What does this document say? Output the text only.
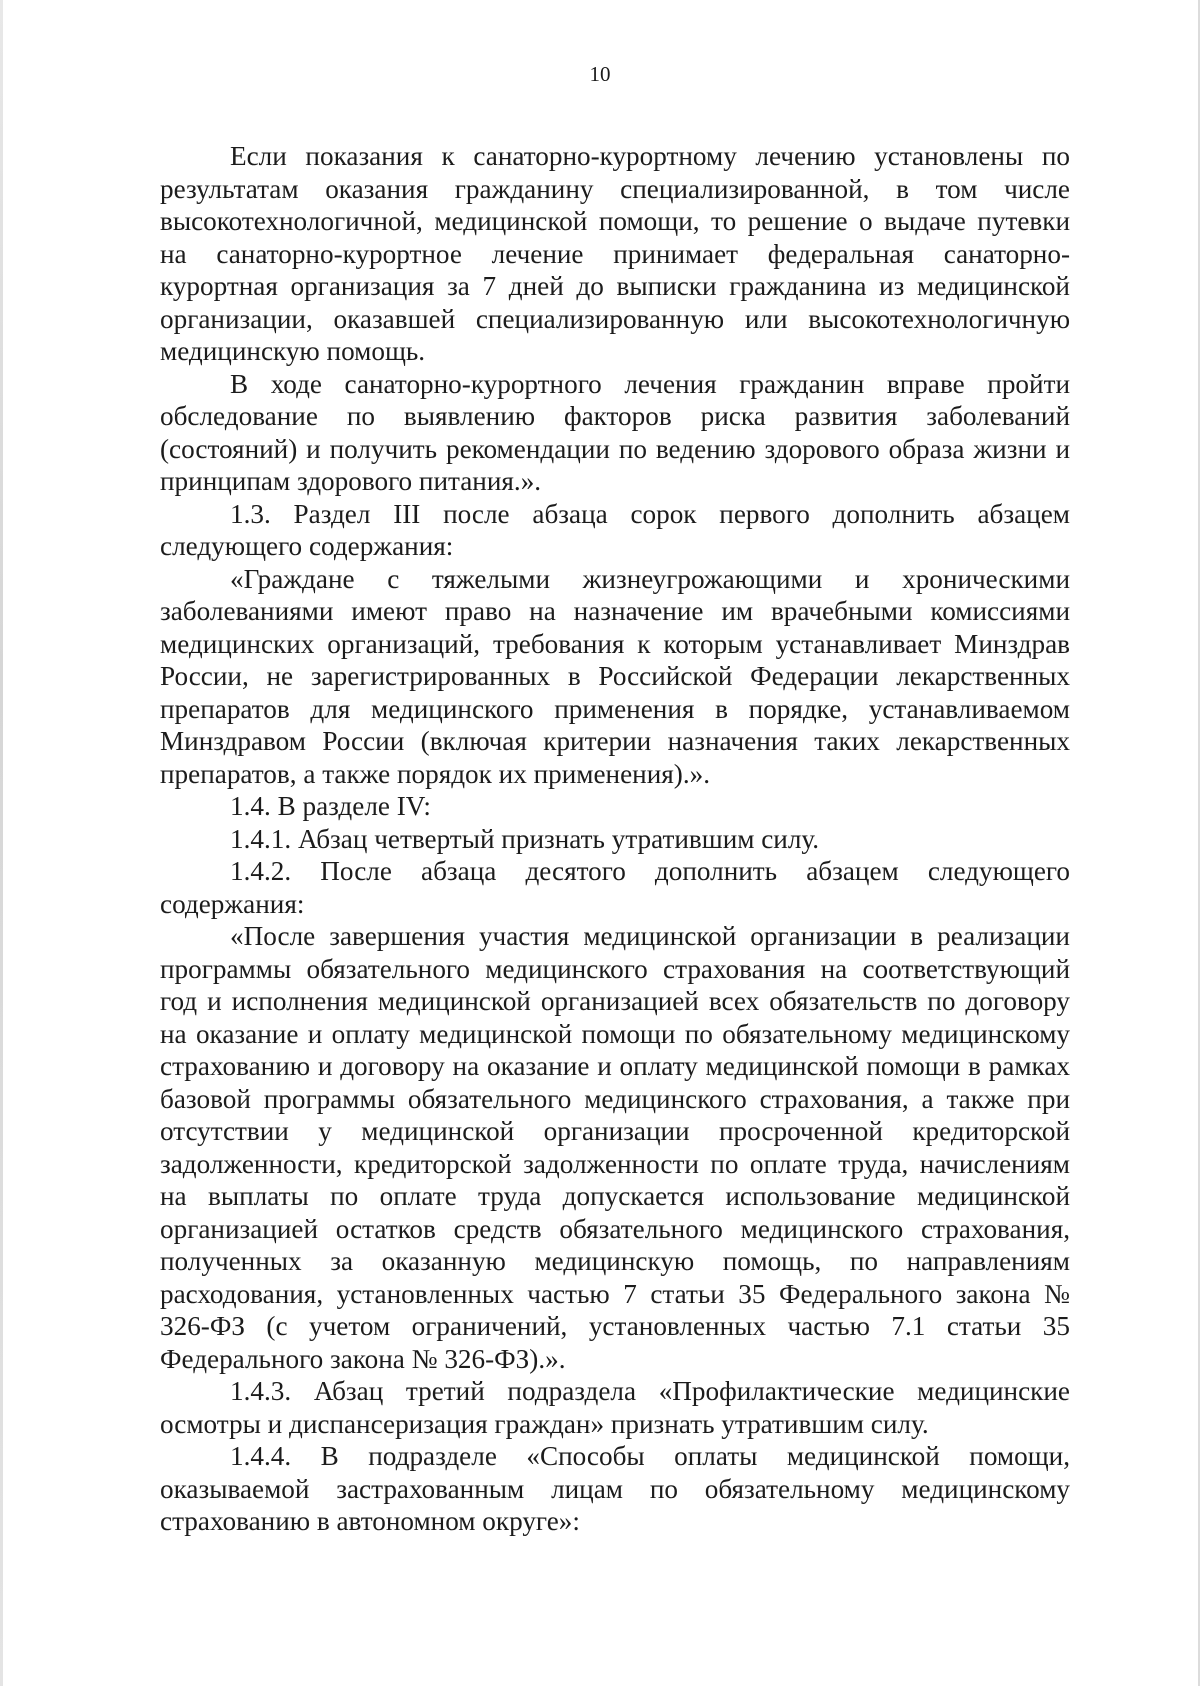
10

Если показания к санаторно-курортному лечению установлены по результатам оказания гражданину специализированной, в том числе высокотехнологичной, медицинской помощи, то решение о выдаче путевки на санаторно-курортное лечение принимает федеральная санаторно-курортная организация за 7 дней до выписки гражданина из медицинской организации, оказавшей специализированную или высокотехнологичную медицинскую помощь.

В ходе санаторно-курортного лечения гражданин вправе пройти обследование по выявлению факторов риска развития заболеваний (состояний) и получить рекомендации по ведению здорового образа жизни и принципам здорового питания.».

1.3. Раздел III после абзаца сорок первого дополнить абзацем следующего содержания:

«Граждане с тяжелыми жизнеугрожающими и хроническими заболеваниями имеют право на назначение им врачебными комиссиями медицинских организаций, требования к которым устанавливает Минздрав России, не зарегистрированных в Российской Федерации лекарственных препаратов для медицинского применения в порядке, устанавливаемом Минздравом России (включая критерии назначения таких лекарственных препаратов, а также порядок их применения).».

1.4. В разделе IV:

1.4.1. Абзац четвертый признать утратившим силу.

1.4.2. После абзаца десятого дополнить абзацем следующего содержания:

«После завершения участия медицинской организации в реализации программы обязательного медицинского страхования на соответствующий год и исполнения медицинской организацией всех обязательств по договору на оказание и оплату медицинской помощи по обязательному медицинскому страхованию и договору на оказание и оплату медицинской помощи в рамках базовой программы обязательного медицинского страхования, а также при отсутствии у медицинской организации просроченной кредиторской задолженности, кредиторской задолженности по оплате труда, начислениям на выплаты по оплате труда допускается использование медицинской организацией остатков средств обязательного медицинского страхования, полученных за оказанную медицинскую помощь, по направлениям расходования, установленных частью 7 статьи 35 Федерального закона № 326-ФЗ (с учетом ограничений, установленных частью 7.1 статьи 35 Федерального закона № 326-ФЗ).».

1.4.3. Абзац третий подраздела «Профилактические медицинские осмотры и диспансеризация граждан» признать утратившим силу.

1.4.4. В подразделе «Способы оплаты медицинской помощи, оказываемой застрахованным лицам по обязательному медицинскому страхованию в автономном округе»:
